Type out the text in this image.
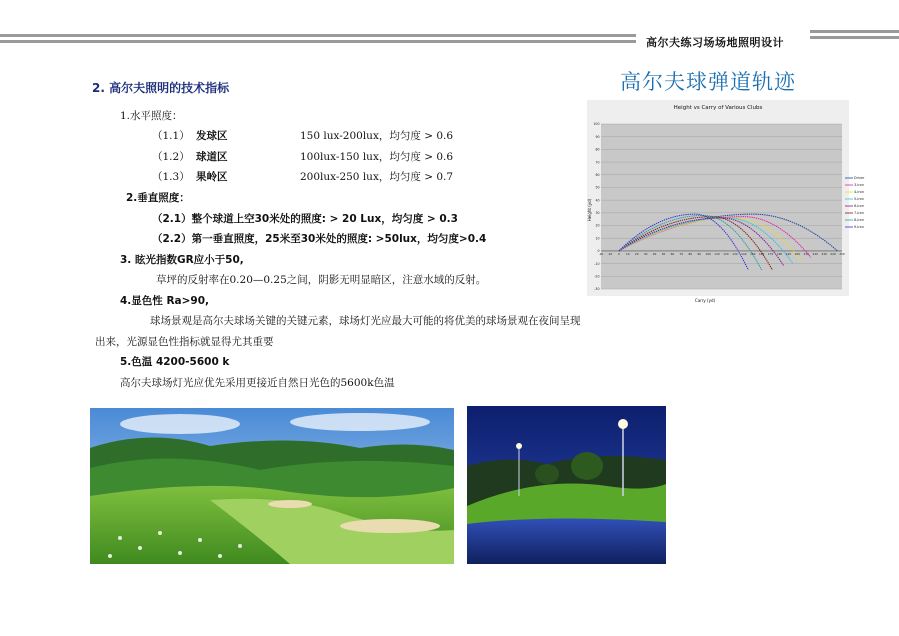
高尔夫练习场场地照明设计
2. 高尔夫照明的技术指标
1.水平照度：
（1.1） 发球区	150 lux-200lux，均匀度 > 0.6
（1.2） 球道区	100lux-150 lux，均匀度 > 0.6
（1.3） 果岭区	200lux-250 lux，均匀度 > 0.7
2.垂直照度：
（2.1）整个球道上空30米处的照度: > 20 Lux，均匀度 > 0.3
（2.2）第一垂直照度，25米至30米处的照度: >50lux，均匀度>0.4
3. 眩光指数GR应小于50,
草坪的反射率在0.20—0.25之间，阴影无明显暗区，注意水域的反射。
4.显色性 Ra>90,
球场景观是高尔夫球场关键的关键元素，球场灯光应最大可能的将优美的球场景观在夜间呈现
出来，光源显色性指标就显得尤其重要
5.色温 4200-5600 k
高尔夫球场灯光应优先采用更接近自然日光色的5600k色温
高尔夫球弹道轨迹
Height vs Carry of Various Clubs
-30
-20
-10
0
10
20
30
40
50
60
70
80
90
100
-20 -10 0 10 20 30 40 50 60 70 80 90 100 110 120 130 140 150 160 170 180 190 200 210 220 230 240 250
Carry (yd)
Height (yd)
Driver
3-iron
4-iron
5-iron
6-iron
7-iron
8-iron
9-iron
